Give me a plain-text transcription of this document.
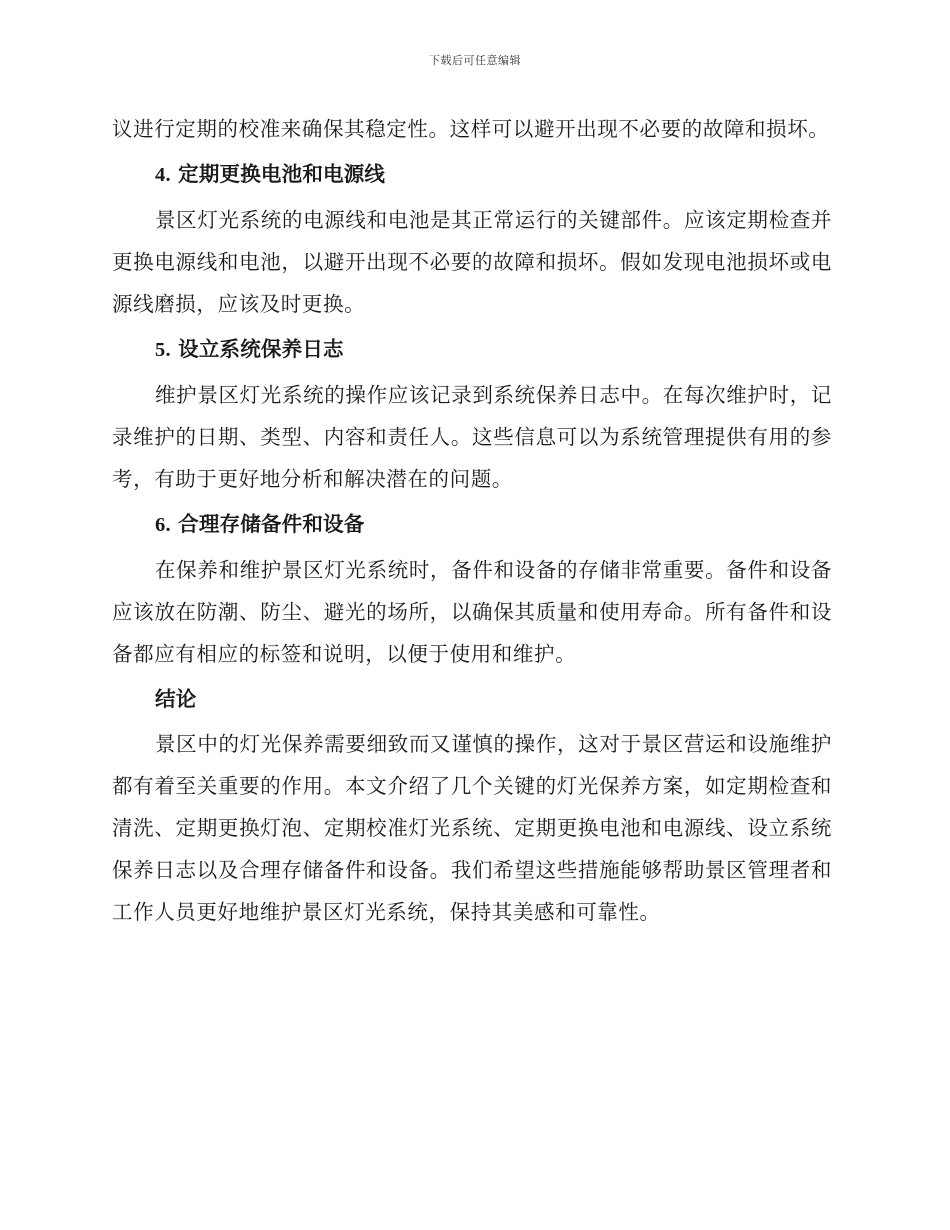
下载后可任意编辑

议进行定期的校准来确保其稳定性。这样可以避开出现不必要的故障和损坏。

4. 定期更换电池和电源线

景区灯光系统的电源线和电池是其正常运行的关键部件。应该定期检查并更换电源线和电池，以避开出现不必要的故障和损坏。假如发现电池损坏或电源线磨损，应该及时更换。

5. 设立系统保养日志

维护景区灯光系统的操作应该记录到系统保养日志中。在每次维护时，记录维护的日期、类型、内容和责任人。这些信息可以为系统管理提供有用的参考，有助于更好地分析和解决潜在的问题。

6. 合理存储备件和设备

在保养和维护景区灯光系统时，备件和设备的存储非常重要。备件和设备应该放在防潮、防尘、避光的场所，以确保其质量和使用寿命。所有备件和设备都应有相应的标签和说明，以便于使用和维护。

结论

景区中的灯光保养需要细致而又谨慎的操作，这对于景区营运和设施维护都有着至关重要的作用。本文介绍了几个关键的灯光保养方案，如定期检查和清洗、定期更换灯泡、定期校准灯光系统、定期更换电池和电源线、设立系统保养日志以及合理存储备件和设备。我们希望这些措施能够帮助景区管理者和工作人员更好地维护景区灯光系统，保持其美感和可靠性。
